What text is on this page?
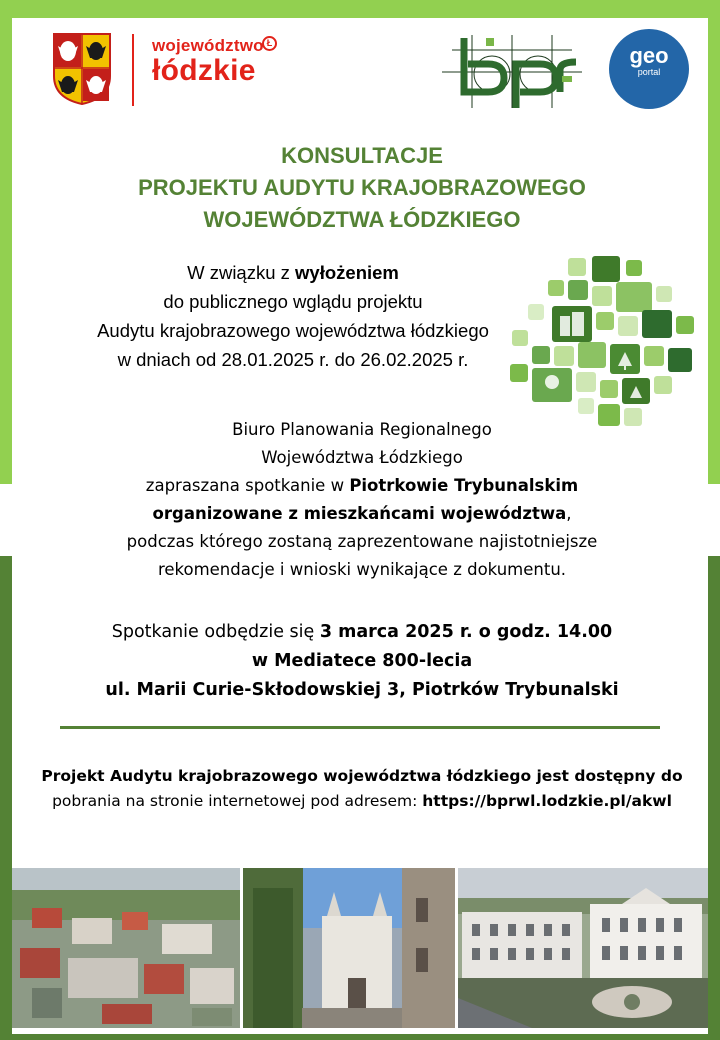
województwo
łódzkie
Ł	geo
portal
KONSULTACJE
PROJEKTU AUDYTU KRAJOBRAZOWEGO
WOJEWÓDZTWA ŁÓDZKIEGO
W związku z wyłożeniem
do publicznego wglądu projektu
Audytu krajobrazowego województwa łódzkiego
w dniach od 28.01.2025 r. do 26.02.2025 r.
Biuro Planowania Regionalnego
Województwa Łódzkiego
zapraszana spotkanie w Piotrkowie Trybunalskim
organizowane z mieszkańcami województwa,
podczas którego zostaną zaprezentowane najistotniejsze
rekomendacje i wnioski wynikające z dokumentu.
Spotkanie odbędzie się 3 marca 2025 r. o godz. 14.00
w Mediatece 800-lecia
ul. Marii Curie-Skłodowskiej 3, Piotrków Trybunalski
Projekt Audytu krajobrazowego województwa łódzkiego jest dostępny do
pobrania na stronie internetowej pod adresem: https://bprwl.lodzkie.pl/akwl
